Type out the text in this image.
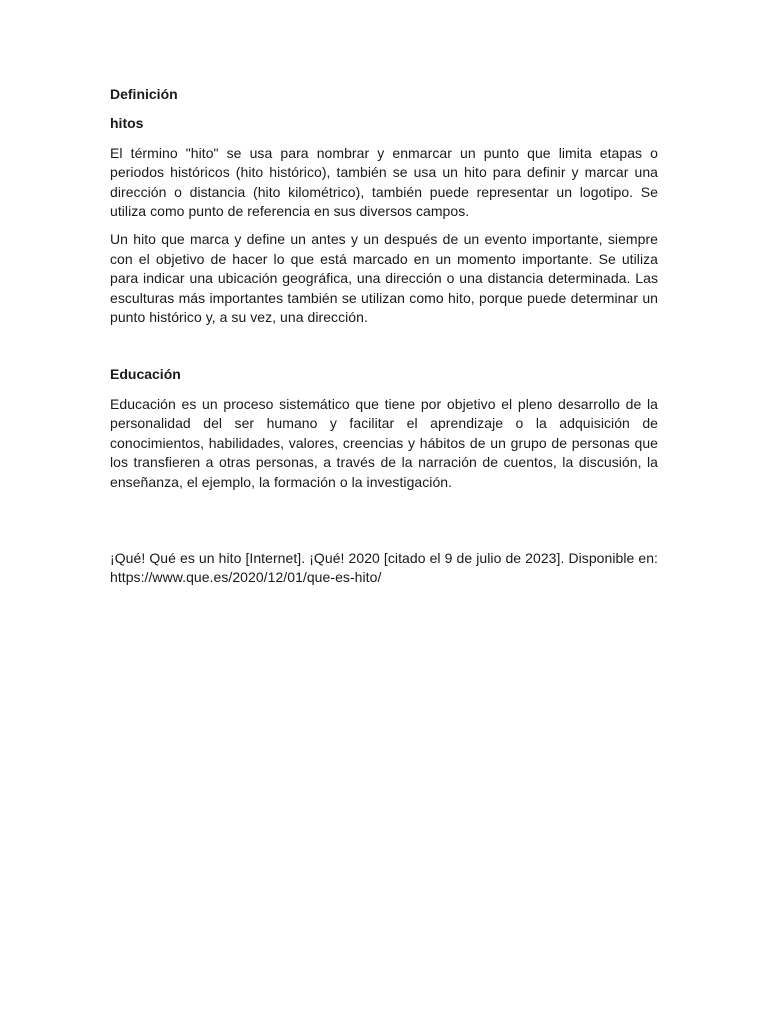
Definición

hitos

El término "hito" se usa para nombrar y enmarcar un punto que limita etapas o periodos históricos (hito histórico), también se usa un hito para definir y marcar una dirección o distancia (hito kilométrico), también puede representar un logotipo. Se utiliza como punto de referencia en sus diversos campos.

Un hito que marca y define un antes y un después de un evento importante, siempre con el objetivo de hacer lo que está marcado en un momento importante. Se utiliza para indicar una ubicación geográfica, una dirección o una distancia determinada. Las esculturas más importantes también se utilizan como hito, porque puede determinar un punto histórico y, a su vez, una dirección.

Educación

Educación es un proceso sistemático que tiene por objetivo el pleno desarrollo de la personalidad del ser humano y facilitar el aprendizaje o la adquisición de conocimientos, habilidades, valores, creencias y hábitos de un grupo de personas que los transfieren a otras personas, a través de la narración de cuentos, la discusión, la enseñanza, el ejemplo, la formación o la investigación.

¡Qué! Qué es un hito [Internet]. ¡Qué! 2020 [citado el 9 de julio de 2023]. Disponible en: https://www.que.es/2020/12/01/que-es-hito/
